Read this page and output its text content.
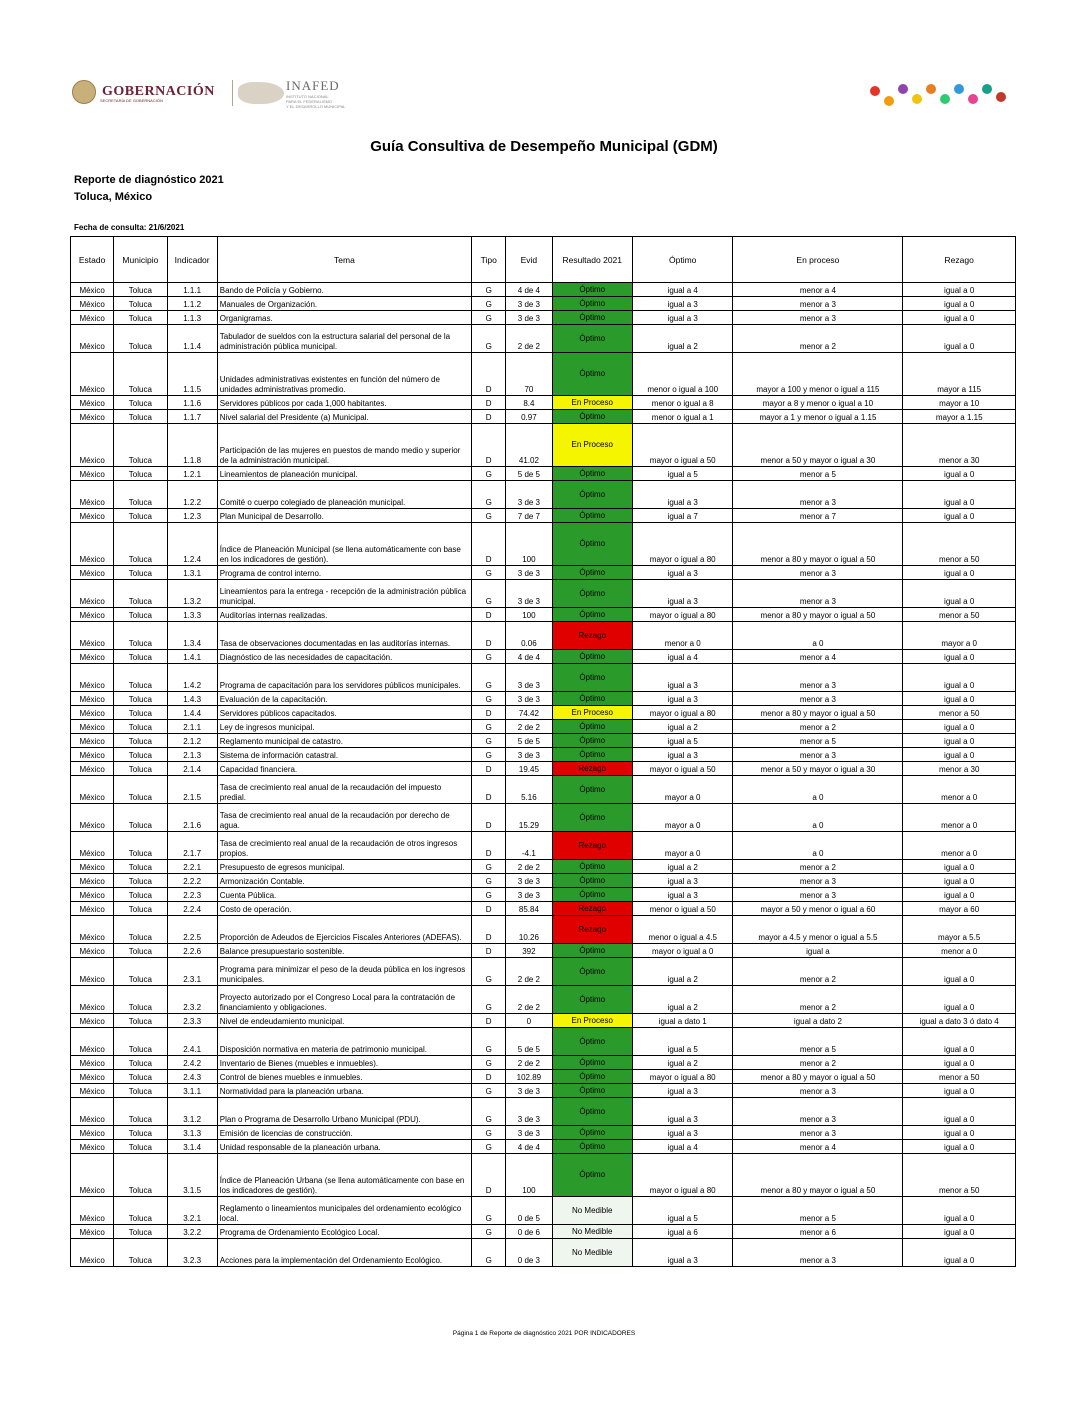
GOBERNACIÓN
SECRETARÍA DE GOBERNACIÓN
INAFED
INSTITUTO NACIONAL
PARA EL FEDERALISMO
Y EL DESARROLLO MUNICIPAL
Guía Consultiva de Desempeño Municipal (GDM)
Reporte de diagnóstico 2021
Toluca, México
Fecha de consulta: 21/6/2021
Estado	Municipio	Indicador	Tema	Tipo	Evid	Resultado 2021	Óptimo	En proceso	Rezago
México	Toluca	1.1.1	Bando de Policía y Gobierno.	G	4 de 4	Óptimo	igual a 4	menor a 4	igual a 0
México	Toluca	1.1.2	Manuales de Organización.	G	3 de 3	Óptimo	igual a 3	menor a 3	igual a 0
México	Toluca	1.1.3	Organigramas.	G	3 de 3	Óptimo	igual a 3	menor a 3	igual a 0
México	Toluca	1.1.4	Tabulador de sueldos con la estructura salarial del personal de la administración pública municipal.	G	2 de 2	Óptimo	igual a 2	menor a 2	igual a 0
México	Toluca	1.1.5	Unidades administrativas existentes en función del número de unidades administrativas promedio.	D	70	Óptimo	menor o igual a 100	mayor a 100 y menor o igual a 115	mayor a 115
México	Toluca	1.1.6	Servidores públicos por cada 1,000 habitantes.	D	8.4	En Proceso	menor o igual a 8	mayor a 8 y menor o igual a 10	mayor a 10
México	Toluca	1.1.7	Nivel salarial del Presidente (a) Municipal.	D	0.97	Óptimo	menor o igual a 1	mayor a 1 y menor o igual a 1.15	mayor a 1.15
México	Toluca	1.1.8	Participación de las mujeres en puestos de mando medio y superior de la administración municipal.	D	41.02	En Proceso	mayor o igual a 50	menor a 50 y mayor o igual a 30	menor a 30
México	Toluca	1.2.1	Lineamientos de planeación municipal.	G	5 de 5	Óptimo	igual a 5	menor a 5	igual a 0
México	Toluca	1.2.2	Comité o cuerpo colegiado de planeación municipal.	G	3 de 3	Óptimo	igual a 3	menor a 3	igual a 0
México	Toluca	1.2.3	Plan Municipal de Desarrollo.	G	7 de 7	Óptimo	igual a 7	menor a 7	igual a 0
México	Toluca	1.2.4	Índice de Planeación Municipal (se llena automáticamente con base en los indicadores de gestión).	D	100	Óptimo	mayor o igual a 80	menor a 80 y mayor o igual a 50	menor a 50
México	Toluca	1.3.1	Programa de control interno.	G	3 de 3	Óptimo	igual a 3	menor a 3	igual a 0
México	Toluca	1.3.2	Lineamientos para la entrega - recepción de la administración pública municipal.	G	3 de 3	Óptimo	igual a 3	menor a 3	igual a 0
México	Toluca	1.3.3	Auditorías internas realizadas.	D	100	Óptimo	mayor o igual a 80	menor a 80 y mayor o igual a 50	menor a 50
México	Toluca	1.3.4	Tasa de observaciones documentadas en las auditorías internas.	D	0.06	Rezago	menor a 0	a 0	mayor a 0
México	Toluca	1.4.1	Diagnóstico de las necesidades de capacitación.	G	4 de 4	Óptimo	igual a 4	menor a 4	igual a 0
México	Toluca	1.4.2	Programa de capacitación para los servidores públicos municipales.	G	3 de 3	Óptimo	igual a 3	menor a 3	igual a 0
México	Toluca	1.4.3	Evaluación de la capacitación.	G	3 de 3	Óptimo	igual a 3	menor a 3	igual a 0
México	Toluca	1.4.4	Servidores públicos capacitados.	D	74.42	En Proceso	mayor o igual a 80	menor a 80 y mayor o igual a 50	menor a 50
México	Toluca	2.1.1	Ley de ingresos municipal.	G	2 de 2	Óptimo	igual a 2	menor a 2	igual a 0
México	Toluca	2.1.2	Reglamento municipal de catastro.	G	5 de 5	Óptimo	igual a 5	menor a 5	igual a 0
México	Toluca	2.1.3	Sistema de información catastral.	G	3 de 3	Óptimo	igual a 3	menor a 3	igual a 0
México	Toluca	2.1.4	Capacidad financiera.	D	19.45	Rezago	mayor o igual a 50	menor a 50 y mayor o igual a 30	menor a 30
México	Toluca	2.1.5	Tasa de crecimiento real anual de la recaudación del impuesto predial.	D	5.16	Óptimo	mayor a 0	a 0	menor a 0
México	Toluca	2.1.6	Tasa de crecimiento real anual de la recaudación por derecho de agua.	D	15.29	Óptimo	mayor a 0	a 0	menor a 0
México	Toluca	2.1.7	Tasa de crecimiento real anual de la recaudación de otros ingresos propios.	D	-4.1	Rezago	mayor a 0	a 0	menor a 0
México	Toluca	2.2.1	Presupuesto de egresos municipal.	G	2 de 2	Óptimo	igual a 2	menor a 2	igual a 0
México	Toluca	2.2.2	Armonización Contable.	G	3 de 3	Óptimo	igual a 3	menor a 3	igual a 0
México	Toluca	2.2.3	Cuenta Pública.	G	3 de 3	Óptimo	igual a 3	menor a 3	igual a 0
México	Toluca	2.2.4	Costo de operación.	D	85.84	Rezago	menor o igual a 50	mayor a 50 y menor o igual a 60	mayor a 60
México	Toluca	2.2.5	Proporción de Adeudos de Ejercicios Fiscales Anteriores (ADEFAS).	D	10.26	Rezago	menor o igual a 4.5	mayor a 4.5 y menor o igual a 5.5	mayor a 5.5
México	Toluca	2.2.6	Balance presupuestario sostenible.	D	392	Óptimo	mayor o igual a 0	igual a	menor a 0
México	Toluca	2.3.1	Programa para minimizar el peso de la deuda pública en los ingresos municipales.	G	2 de 2	Óptimo	igual a 2	menor a 2	igual a 0
México	Toluca	2.3.2	Proyecto autorizado por el Congreso Local para la contratación de financiamiento y obligaciones.	G	2 de 2	Óptimo	igual a 2	menor a 2	igual a 0
México	Toluca	2.3.3	Nivel de endeudamiento municipal.	D	0	En Proceso	igual a dato 1	igual a dato 2	igual a dato 3 ó dato 4
México	Toluca	2.4.1	Disposición normativa en materia de patrimonio municipal.	G	5 de 5	Óptimo	igual a 5	menor a 5	igual a 0
México	Toluca	2.4.2	Inventario de Bienes (muebles e inmuebles).	G	2 de 2	Óptimo	igual a 2	menor a 2	igual a 0
México	Toluca	2.4.3	Control de bienes muebles e inmuebles.	D	102.89	Óptimo	mayor o igual a 80	menor a 80 y mayor o igual a 50	menor a 50
México	Toluca	3.1.1	Normatividad para la planeación urbana.	G	3 de 3	Óptimo	igual a 3	menor a 3	igual a 0
México	Toluca	3.1.2	Plan o Programa de Desarrollo Urbano Municipal (PDU).	G	3 de 3	Óptimo	igual a 3	menor a 3	igual a 0
México	Toluca	3.1.3	Emisión de licencias de construcción.	G	3 de 3	Óptimo	igual a 3	menor a 3	igual a 0
México	Toluca	3.1.4	Unidad responsable de la planeación urbana.	G	4 de 4	Óptimo	igual a 4	menor a 4	igual a 0
México	Toluca	3.1.5	Índice de Planeación Urbana (se llena automáticamente con base en los indicadores de gestión).	D	100	Óptimo	mayor o igual a 80	menor a 80 y mayor o igual a 50	menor a 50
México	Toluca	3.2.1	Reglamento o lineamientos municipales del ordenamiento ecológico local.	G	0 de 5	No Medible	igual a 5	menor a 5	igual a 0
México	Toluca	3.2.2	Programa de Ordenamiento Ecológico Local.	G	0 de 6	No Medible	igual a 6	menor a 6	igual a 0
México	Toluca	3.2.3	Acciones para la implementación del Ordenamiento Ecológico.	G	0 de 3	No Medible	igual a 3	menor a 3	igual a 0
Página 1 de Reporte de diagnóstico 2021 POR INDICADORES
